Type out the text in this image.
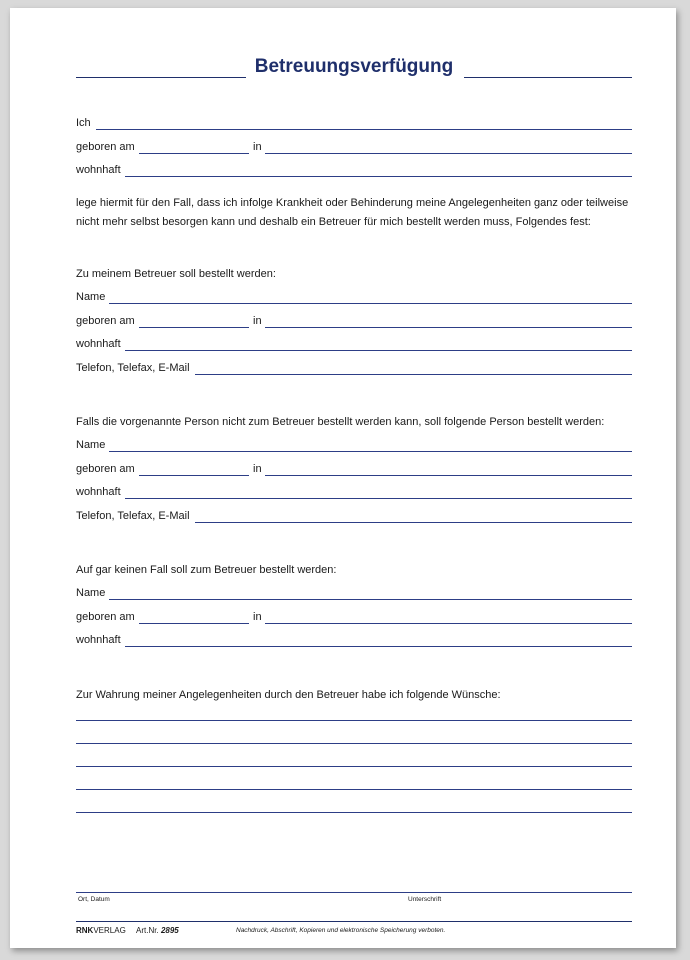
Betreuungsverfügung
Ich
geboren am	in
wohnhaft
lege hiermit für den Fall, dass ich infolge Krankheit oder Behinderung meine Angelegenheiten ganz oder teilweise nicht mehr selbst besorgen kann und deshalb ein Betreuer für mich bestellt werden muss, Folgendes fest:
Zu meinem Betreuer soll bestellt werden:
Name
geboren am	in
wohnhaft
Telefon, Telefax, E-Mail
Falls die vorgenannte Person nicht zum Betreuer bestellt werden kann, soll folgende Person bestellt werden:
Name
geboren am	in
wohnhaft
Telefon, Telefax, E-Mail
Auf gar keinen Fall soll zum Betreuer bestellt werden:
Name
geboren am	in
wohnhaft
Zur Wahrung meiner Angelegenheiten durch den Betreuer habe ich folgende Wünsche:
Ort, Datum	Unterschrift
RNKVERLAG Art.Nr. 2895	Nachdruck, Abschrift, Kopieren und elektronische Speicherung verboten.
